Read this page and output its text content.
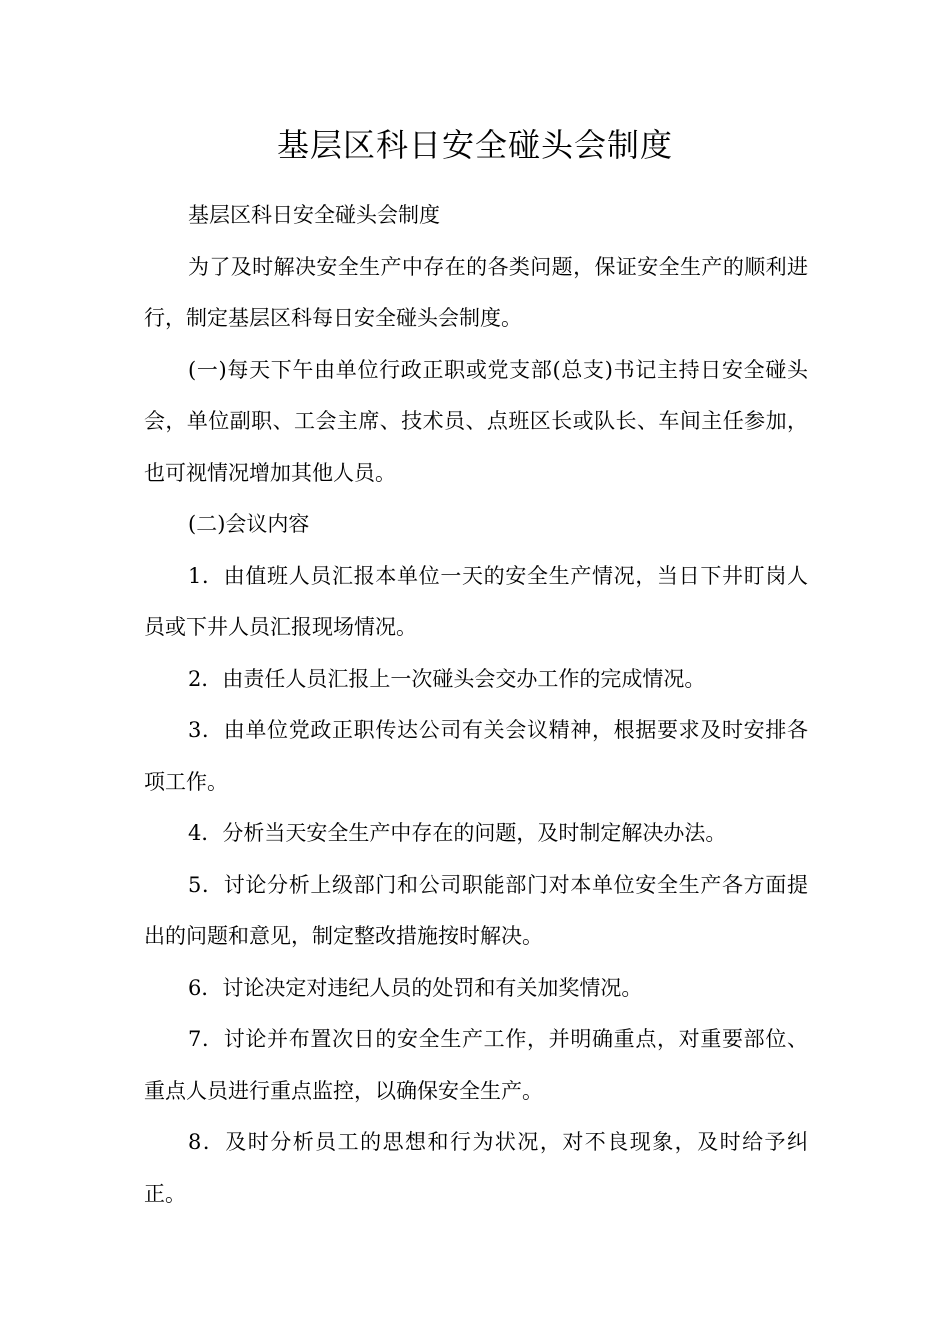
基层区科日安全碰头会制度

基层区科日安全碰头会制度

为了及时解决安全生产中存在的各类问题，保证安全生产的顺利进行，制定基层区科每日安全碰头会制度。

(一)每天下午由单位行政正职或党支部(总支)书记主持日安全碰头会，单位副职、工会主席、技术员、点班区长或队长、车间主任参加，也可视情况增加其他人员。

(二)会议内容

1．由值班人员汇报本单位一天的安全生产情况，当日下井盯岗人员或下井人员汇报现场情况。

2．由责任人员汇报上一次碰头会交办工作的完成情况。

3．由单位党政正职传达公司有关会议精神，根据要求及时安排各项工作。

4．分析当天安全生产中存在的问题，及时制定解决办法。

5．讨论分析上级部门和公司职能部门对本单位安全生产各方面提出的问题和意见，制定整改措施按时解决。

6．讨论决定对违纪人员的处罚和有关加奖情况。

7．讨论并布置次日的安全生产工作，并明确重点，对重要部位、重点人员进行重点监控，以确保安全生产。

8．及时分析员工的思想和行为状况，对不良现象，及时给予纠正。
